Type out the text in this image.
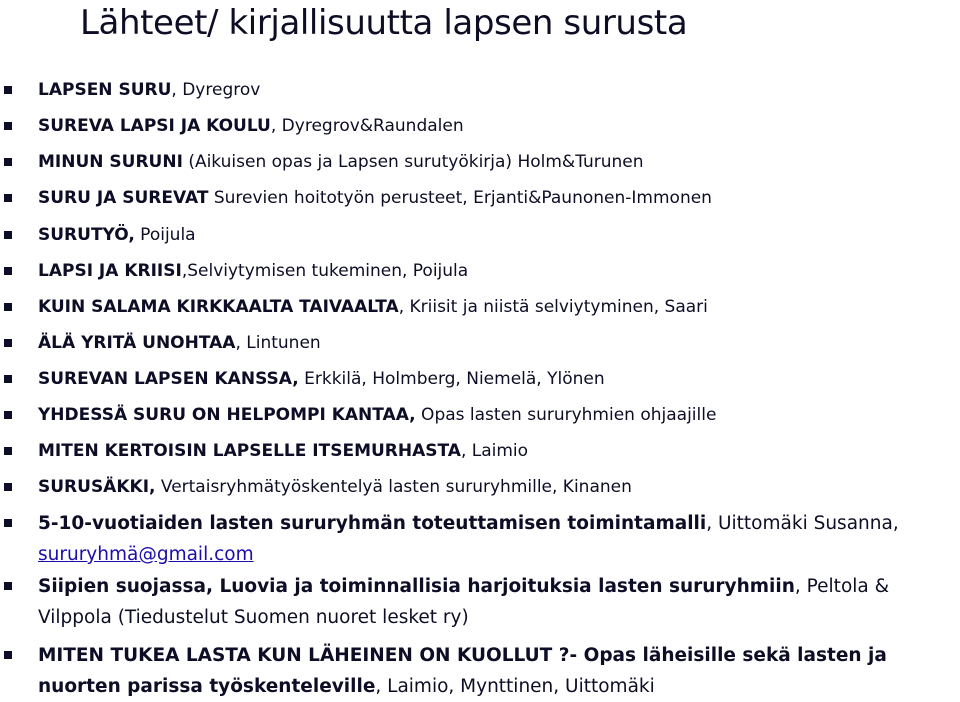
Lähteet/ kirjallisuutta lapsen surusta
LAPSEN SURU, Dyregrov
SUREVA LAPSI JA KOULU, Dyregrov&Raundalen
MINUN SURUNI (Aikuisen opas ja Lapsen surutyökirja) Holm&Turunen
SURU JA SUREVAT Surevien hoitotyön perusteet, Erjanti&Paunonen-Immonen
SURUTYÖ, Poijula
LAPSI JA KRIISI,Selviytymisen tukeminen, Poijula
KUIN SALAMA KIRKKAALTA TAIVAALTA, Kriisit ja niistä selviytyminen, Saari
ÄLÄ YRITÄ UNOHTAA, Lintunen
SUREVAN LAPSEN KANSSA, Erkkilä, Holmberg, Niemelä, Ylönen
YHDESSÄ SURU ON HELPOMPI KANTAA, Opas lasten sururyhmien ohjaajille
MITEN KERTOISIN LAPSELLE ITSEMURHASTA, Laimio
SURUSÄKKI, Vertaisryhmätyöskentelyä lasten sururyhmille, Kinanen
5-10-vuotiaiden lasten sururyhmän toteuttamisen toimintamalli, Uittomäki Susanna, sururyhmä@gmail.com
Siipien suojassa, Luovia ja toiminnallisia harjoituksia lasten sururyhmiin, Peltola & Vilppola (Tiedustelut Suomen nuoret lesket ry)
MITEN TUKEA LASTA KUN LÄHEINEN ON KUOLLUT ?- Opas läheisille sekä lasten ja nuorten parissa työskenteleville, Laimio, Mynttinen, Uittomäki
